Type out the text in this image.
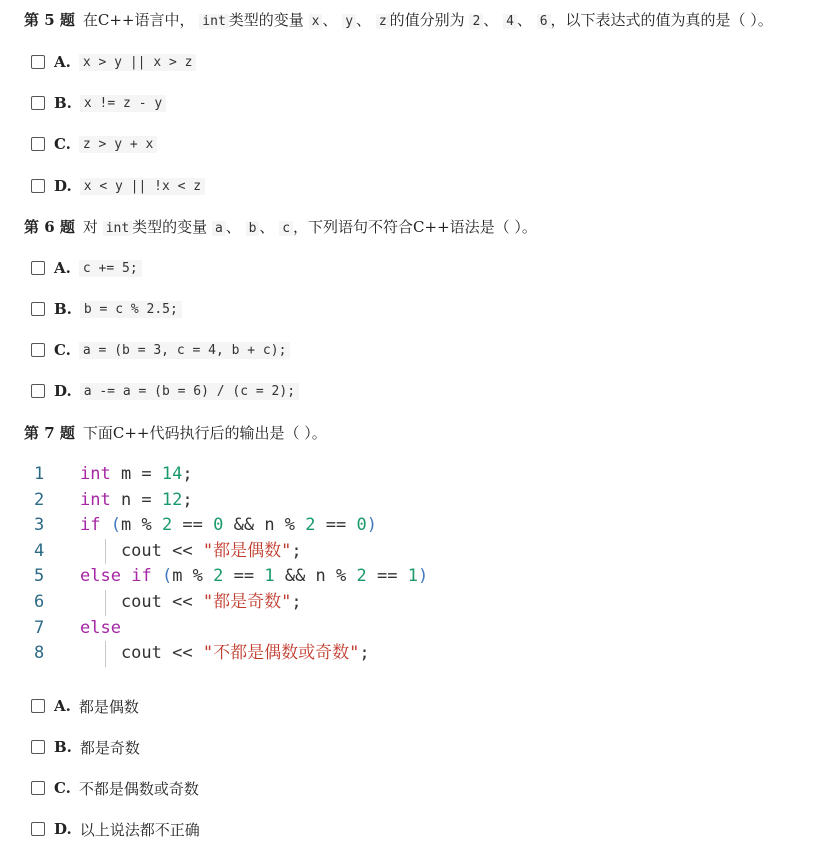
第 5 题 在C++语言中， int 类型的变量 x 、 y 、 z 的值分别为 2 、 4 、 6 ，以下表达式的值为真的是（ ）。
A. x > y || x > z
B. x != z - y
C. z > y + x
D. x < y || !x < z
第 6 题 对 int 类型的变量 a 、 b 、 c ，下列语句不符合C++语法是（ ）。
A. c += 5;
B. b = c % 2.5;
C. a = (b = 3, c = 4, b + c);
D. a -= a = (b = 6) / (c = 2);
第 7 题 下面C++代码执行后的输出是（ ）。
1 int m = 14;
2 int n = 12;
3 if (m % 2 == 0 && n % 2 == 0)
4 cout << "都是偶数";
5 else if (m % 2 == 1 && n % 2 == 1)
6 cout << "都是奇数";
7 else
8 cout << "不都是偶数或奇数";
A. 都是偶数
B. 都是奇数
C. 不都是偶数或奇数
D. 以上说法都不正确
